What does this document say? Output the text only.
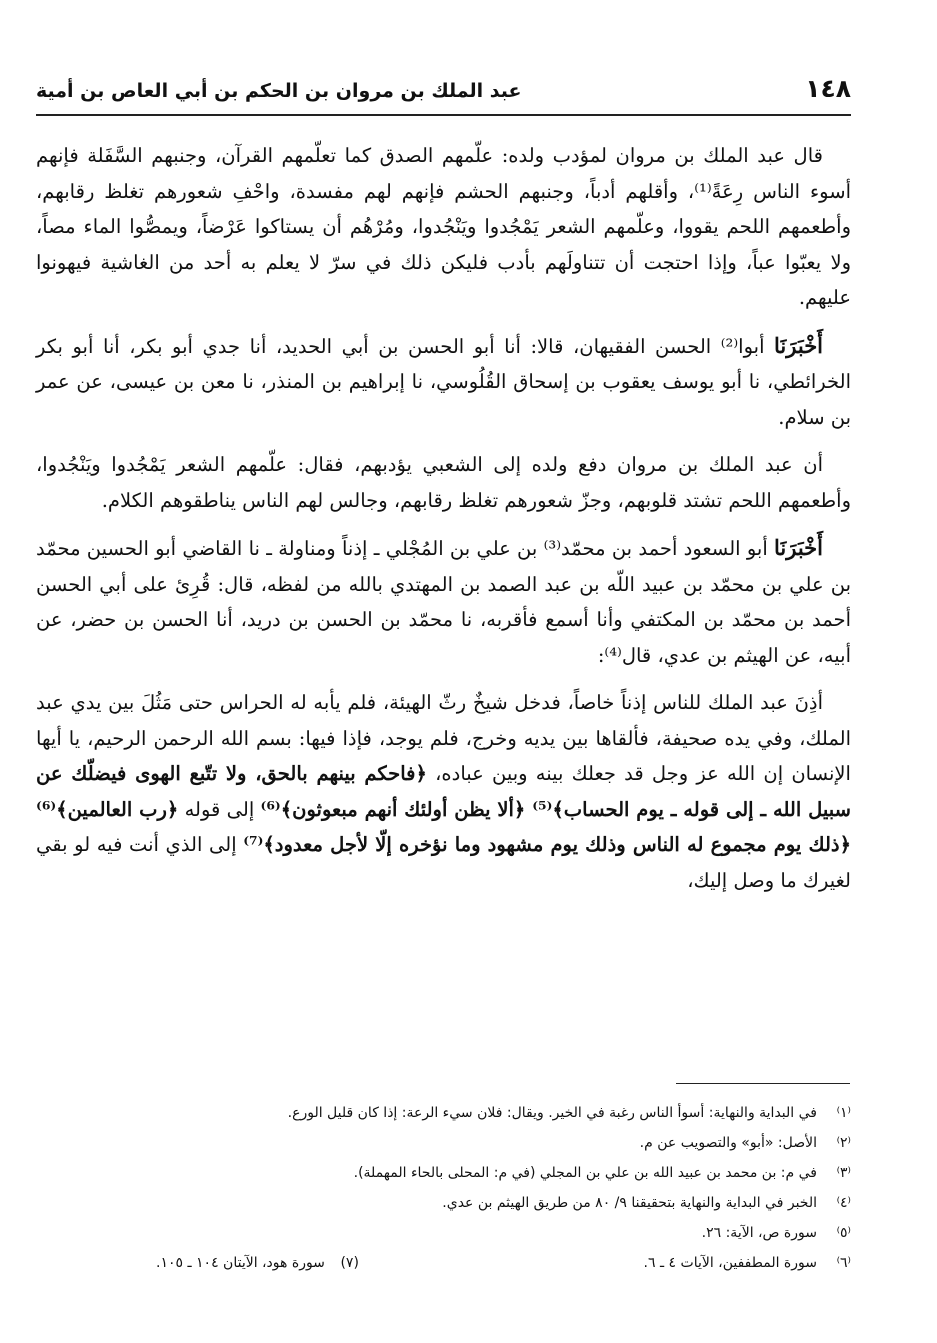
١٤٨
عبد الملك بن مروان بن الحكم بن أبي العاص بن أمية

قال عبد الملك بن مروان لمؤدب ولده: علّمهم الصدق كما تعلّمهم القرآن، وجنبهم السَّفَلة فإنهم أسوء الناس رِعَةً⁽¹⁾، وأقلهم أدباً، وجنبهم الحشم فإنهم لهم مفسدة، واحْفِ شعورهم تغلظ رقابهم، وأطعمهم اللحم يقووا، وعلّمهم الشعر يَمْجُدوا ويَنْجُدوا، ومُرْهُم أن يستاكوا عَرْضاً، ويمصُّوا الماء مصاً، ولا يعبّوا عباً، وإذا احتجت أن تتناولَهم بأدب فليكن ذلك في سرّ لا يعلم به أحد من الغاشية فيهونوا عليهم.

أَخْبَرَنَا أبوا⁽²⁾ الحسن الفقيهان، قالا: أنا أبو الحسن بن أبي الحديد، أنا جدي أبو بكر، أنا أبو بكر الخرائطي، نا أبو يوسف يعقوب بن إسحاق القُلُوسي، نا إبراهيم بن المنذر، نا معن بن عيسى، عن عمر بن سلام.

أن عبد الملك بن مروان دفع ولده إلى الشعبي يؤدبهم، فقال: علّمهم الشعر يَمْجُدوا ويَنْجُدوا، وأطعمهم اللحم تشتد قلوبهم، وجزّ شعورهم تغلظ رقابهم، وجالس لهم الناس يناطقوهم الكلام.

أَخْبَرَنَا أبو السعود أحمد بن محمّد⁽³⁾ بن علي بن المُجْلي ـ إذناً ومناولة ـ نا القاضي أبو الحسين محمّد بن علي بن محمّد بن عبيد اللّه بن عبد الصمد بن المهتدي بالله من لفظه، قال: قُرِئ على أبي الحسن أحمد بن محمّد بن المكتفي وأنا أسمع فأقربه، نا محمّد بن الحسن بن دريد، أنا الحسن بن حضر، عن أبيه، عن الهيثم بن عدي، قال⁽⁴⁾:

أذِنَ عبد الملك للناس إذناً خاصاً، فدخل شيخٌ رثّ الهيئة، فلم يأبه له الحراس حتى مَثُلَ بين يدي عبد الملك، وفي يده صحيفة، فألقاها بين يديه وخرج، فلم يوجد، فإذا فيها: بسم الله الرحمن الرحيم، يا أيها الإنسان إن الله عز وجل قد جعلك بينه وبين عباده، ﴿فاحكم بينهم بالحق، ولا تتّبع الهوى فيضلّك عن سبيل الله ـ إلى قوله ـ يوم الحساب﴾⁽⁵⁾ ﴿ألا يظن أولئك أنهم مبعوثون﴾⁽⁶⁾ إلى قوله ﴿رب العالمين﴾⁽⁶⁾ ﴿ذلك يوم مجموع له الناس وذلك يوم مشهود وما نؤخره إلّا لأجل معدود﴾⁽⁷⁾ إلى الذي أنت فيه لو بقي لغيرك ما وصل إليك،

⁽١⁾في البداية والنهاية: أسوأ الناس رغبة في الخير. ويقال: فلان سيء الرعة: إذا كان قليل الورع.
⁽٢⁾الأصل: «أبو» والتصويب عن م.
⁽٣⁾في م: بن محمد بن عبيد الله بن علي بن المجلي (في م: المحلى بالحاء المهملة).
⁽٤⁾الخبر في البداية والنهاية بتحقيقنا ٩/ ٨٠ من طريق الهيثم بن عدي.
⁽٥⁾سورة ص، الآية: ٢٦.
⁽٦⁾سورة المطففين، الآيات ٤ ـ ٦.
(٧)سورة هود، الآيتان ١٠٤ ـ ١٠٥.
